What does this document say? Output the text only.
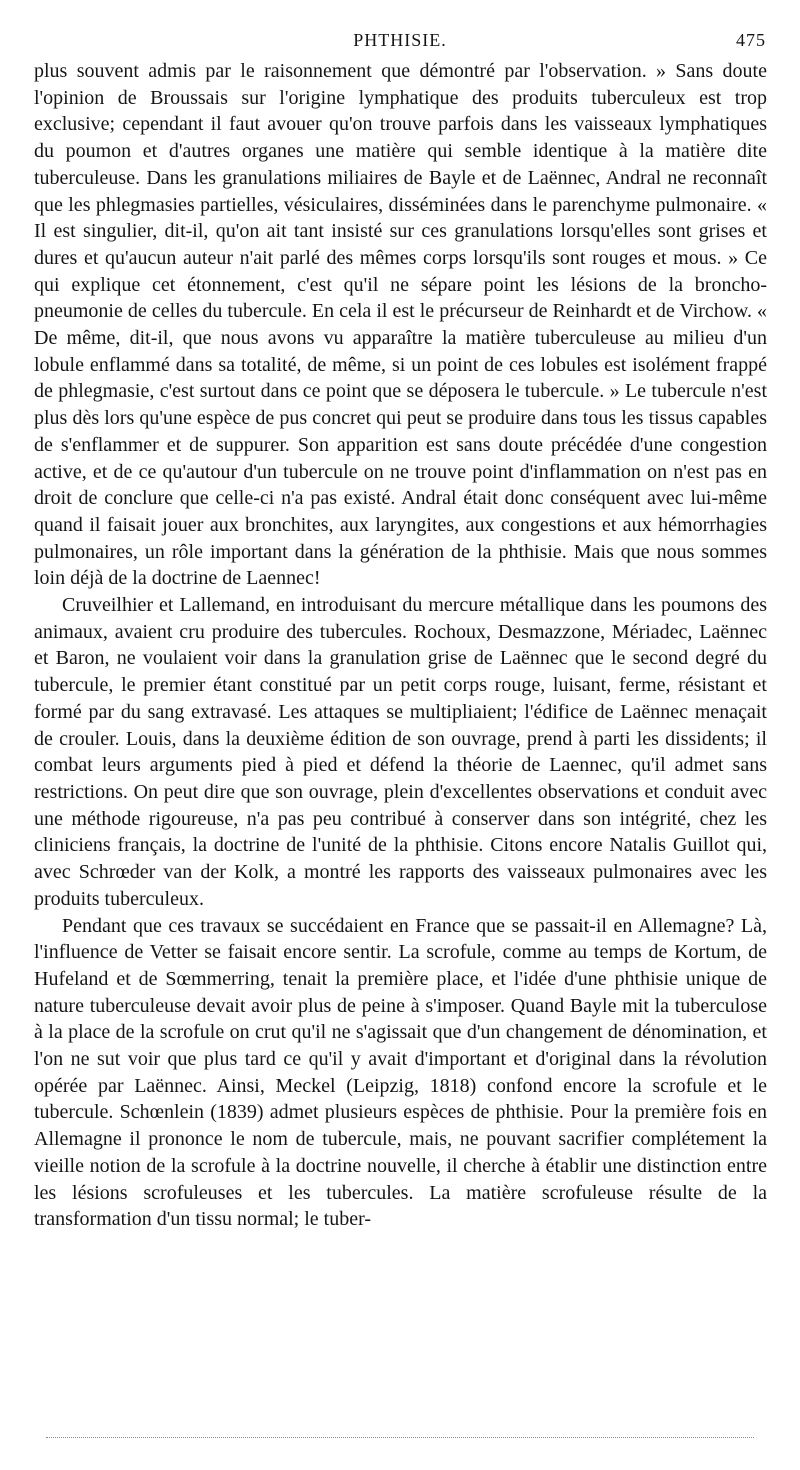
PHTHISIE.	475

plus souvent admis par le raisonnement que démontré par l'observation. » Sans doute l'opinion de Broussais sur l'origine lymphatique des produits tuberculeux est trop exclusive; cependant il faut avouer qu'on trouve parfois dans les vaisseaux lymphatiques du poumon et d'autres organes une matière qui semble identique à la matière dite tuberculeuse. Dans les granulations miliaires de Bayle et de Laënnec, Andral ne reconnaît que les phlegmasies partielles, vésiculaires, disséminées dans le parenchyme pulmonaire. « Il est singulier, dit-il, qu'on ait tant insisté sur ces granulations lorsqu'elles sont grises et dures et qu'aucun auteur n'ait parlé des mêmes corps lorsqu'ils sont rouges et mous. » Ce qui explique cet étonnement, c'est qu'il ne sépare point les lésions de la broncho-pneumonie de celles du tubercule. En cela il est le précurseur de Reinhardt et de Virchow. « De même, dit-il, que nous avons vu apparaître la matière tuberculeuse au milieu d'un lobule enflammé dans sa totalité, de même, si un point de ces lobules est isolément frappé de phlegmasie, c'est surtout dans ce point que se déposera le tubercule. » Le tubercule n'est plus dès lors qu'une espèce de pus concret qui peut se produire dans tous les tissus capables de s'enflammer et de suppurer. Son apparition est sans doute précédée d'une congestion active, et de ce qu'autour d'un tubercule on ne trouve point d'inflammation on n'est pas en droit de conclure que celle-ci n'a pas existé. Andral était donc conséquent avec lui-même quand il faisait jouer aux bronchites, aux laryngites, aux congestions et aux hémorrhagies pulmonaires, un rôle important dans la génération de la phthisie. Mais que nous sommes loin déjà de la doctrine de Laennec!

Cruveilhier et Lallemand, en introduisant du mercure métallique dans les poumons des animaux, avaient cru produire des tubercules. Rochoux, Desmazzone, Mériadec, Laënnec et Baron, ne voulaient voir dans la granulation grise de Laënnec que le second degré du tubercule, le premier étant constitué par un petit corps rouge, luisant, ferme, résistant et formé par du sang extravasé. Les attaques se multipliaient; l'édifice de Laënnec menaçait de crouler. Louis, dans la deuxième édition de son ouvrage, prend à parti les dissidents; il combat leurs arguments pied à pied et défend la théorie de Laennec, qu'il admet sans restrictions. On peut dire que son ouvrage, plein d'excellentes observations et conduit avec une méthode rigoureuse, n'a pas peu contribué à conserver dans son intégrité, chez les cliniciens français, la doctrine de l'unité de la phthisie. Citons encore Natalis Guillot qui, avec Schrœder van der Kolk, a montré les rapports des vaisseaux pulmonaires avec les produits tuberculeux.

Pendant que ces travaux se succédaient en France que se passait-il en Allemagne? Là, l'influence de Vetter se faisait encore sentir. La scrofule, comme au temps de Kortum, de Hufeland et de Sœmmerring, tenait la première place, et l'idée d'une phthisie unique de nature tuberculeuse devait avoir plus de peine à s'imposer. Quand Bayle mit la tuberculose à la place de la scrofule on crut qu'il ne s'agissait que d'un changement de dénomination, et l'on ne sut voir que plus tard ce qu'il y avait d'important et d'original dans la révolution opérée par Laënnec. Ainsi, Meckel (Leipzig, 1818) confond encore la scrofule et le tubercule. Schœnlein (1839) admet plusieurs espèces de phthisie. Pour la première fois en Allemagne il prononce le nom de tubercule, mais, ne pouvant sacrifier complétement la vieille notion de la scrofule à la doctrine nouvelle, il cherche à établir une distinction entre les lésions scrofuleuses et les tubercules. La matière scrofuleuse résulte de la transformation d'un tissu normal; le tuber-
